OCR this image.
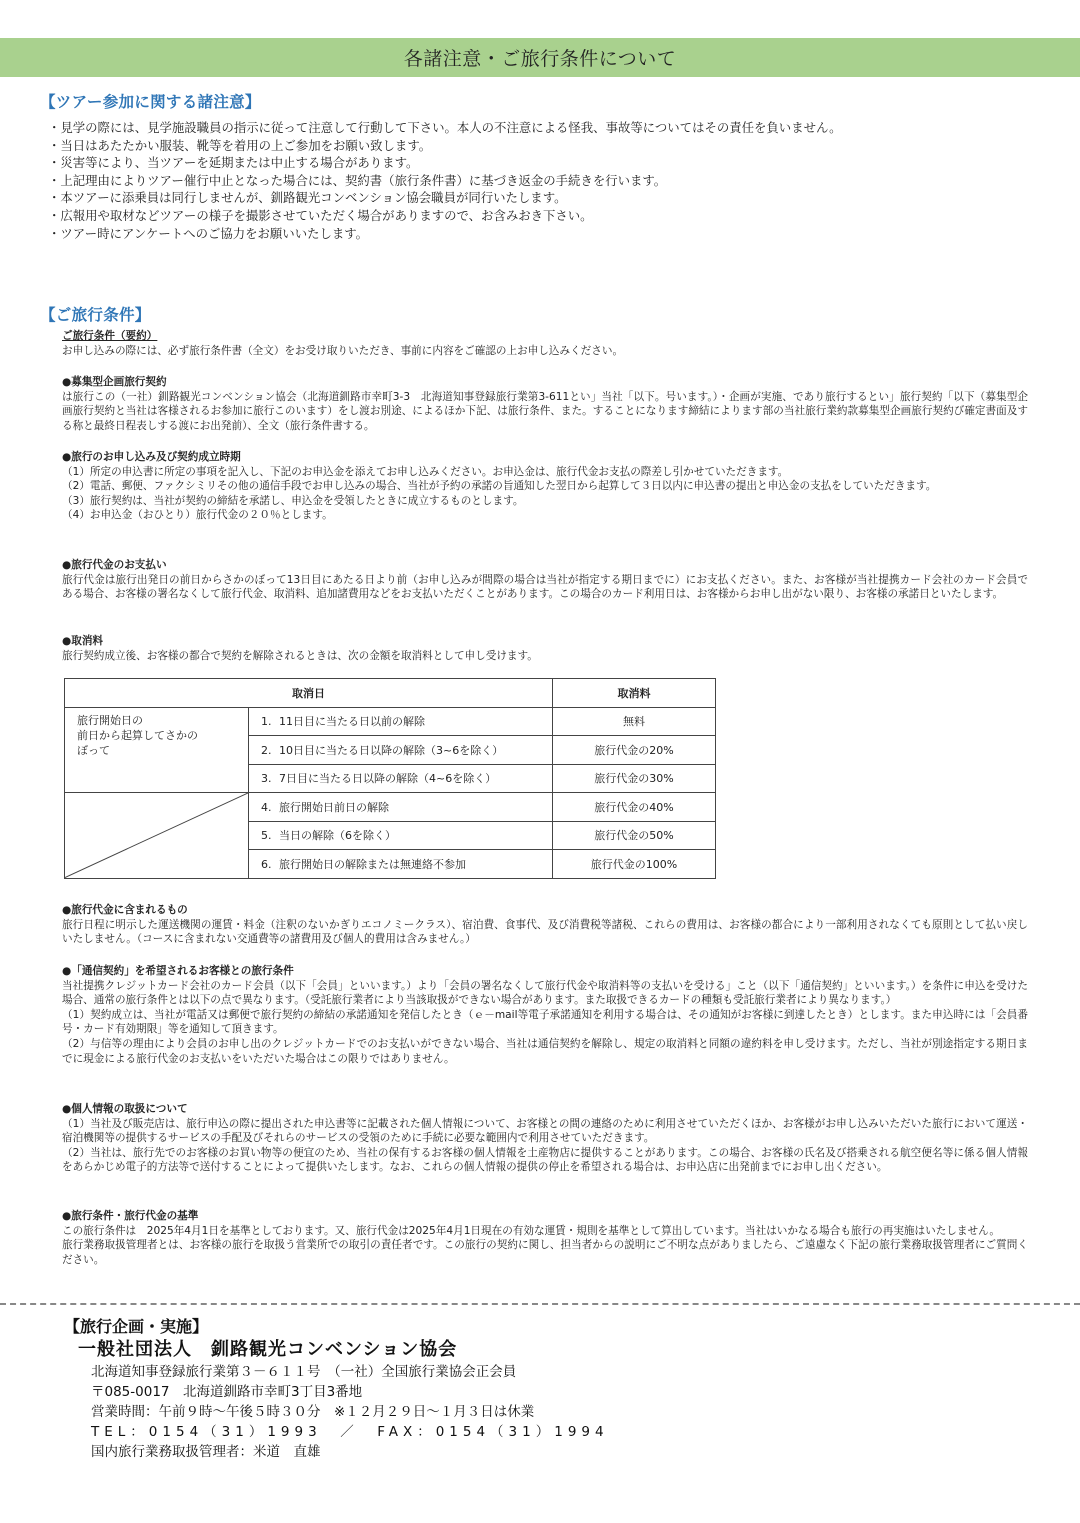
各諸注意・ご旅行条件について
【ツアー参加に関する諸注意】
・見学の際には、見学施設職員の指示に従って注意して行動して下さい。本人の不注意による怪我、事故等についてはその責任を負いません。
・当日はあたたかい服装、靴等を着用の上ご参加をお願い致します。
・災害等により、当ツアーを延期または中止する場合があります。
・上記理由によりツアー催行中止となった場合には、契約書（旅行条件書）に基づき返金の手続きを行います。
・本ツアーに添乗員は同行しませんが、釧路観光コンベンション協会職員が同行いたします。
・広報用や取材などツアーの様子を撮影させていただく場合がありますので、お含みおき下さい。
・ツアー時にアンケートへのご協力をお願いいたします。
【ご旅行条件】
ご旅行条件（要約）

お申し込みの際には、必ず旅行条件書（全文）をお受け取りいただき、事前に内容をご確認の上お申し込みください。

●募集型企画旅行契約

は旅行この（一社）釧路観光コンベンション協会（北海道釧路市幸町3-3　北海道知事登録旅行業第3-611とい」当社「以下。号います。）・企画が実施、であり旅行するとい」旅行契約「以下（募集型企画旅行契約と当社は客様されるお参加に旅行このいます）をし渡お別途、によるほか下記、は旅行条件、また。することになります締結によります部の当社旅行業約款募集型企画旅行契約び確定書面及する称と最終日程表しする渡にお出発前）、全文（旅行条件書する。

●旅行のお申し込み及び契約成立時期

（1）所定の申込書に所定の事項を記入し、下記のお申込金を添えてお申し込みください。お申込金は、旅行代金お支払の際差し引かせていただきます。

（2）電話、郵便、ファクシミリその他の通信手段でお申し込みの場合、当社が予約の承諾の旨通知した翌日から起算して３日以内に申込書の提出と申込金の支払をしていただきます。

（3）旅行契約は、当社が契約の締結を承諾し、申込金を受領したときに成立するものとします。

（4）お申込金（おひとり）旅行代金の２０％とします。

●旅行代金のお支払い

旅行代金は旅行出発日の前日からさかのぼって13日目にあたる日より前（お申し込みが間際の場合は当社が指定する期日までに）にお支払ください。また、お客様が当社提携カード会社のカード会員である場合、お客様の署名なくして旅行代金、取消料、追加諸費用などをお支払いただくことがあります。この場合のカード利用日は、お客様からお申し出がない限り、お客様の承諾日といたします。

●取消料

旅行契約成立後、お客様の都合で契約を解除されるときは、次の金額を取消料として申し受けます。

取消日		取消料

旅行開始日の
前日から起算してさかの
ぼって	1. 11日目に当たる日以前の解除	無料
	2. 10日目に当たる日以降の解除（3~6を除く）	旅行代金の20%
	3. 7日目に当たる日以降の解除（4~6を除く）	旅行代金の30%

	4. 旅行開始日前日の解除	旅行代金の40%
	5. 当日の解除（6を除く）	旅行代金の50%
	6. 旅行開始日の解除または無連絡不参加	旅行代金の100%
●旅行代金に含まれるもの

旅行日程に明示した運送機関の運賃・料金（注釈のないかぎりエコノミークラス）、宿泊費、食事代、及び消費税等諸税、これらの費用は、お客様の都合により一部利用されなくても原則として払い戻しいたしません。（コースに含まれない交通費等の諸費用及び個人的費用は含みません。）

●「通信契約」を希望されるお客様との旅行条件

当社提携クレジットカード会社のカード会員（以下「会員」といいます。）より「会員の署名なくして旅行代金や取消料等の支払いを受ける」こと（以下「通信契約」といいます。）を条件に申込を受けた場合、通常の旅行条件とは以下の点で異なります。（受託旅行業者により当該取扱ができない場合があります。また取扱できるカードの種類も受託旅行業者により異なります。）

（1）契約成立は、当社が電話又は郵便で旅行契約の締結の承諾通知を発信したとき（ｅ－mail等電子承諾通知を利用する場合は、その通知がお客様に到達したとき）とします。また申込時には「会員番号・カード有効期限」等を通知して頂きます。

（2）与信等の理由により会員のお申し出のクレジットカードでのお支払いができない場合、当社は通信契約を解除し、規定の取消料と同額の違約料を申し受けます。ただし、当社が別途指定する期日までに現金による旅行代金のお支払いをいただいた場合はこの限りではありません。

●個人情報の取扱について

（1）当社及び販売店は、旅行申込の際に提出された申込書等に記載された個人情報について、お客様との間の連絡のために利用させていただくほか、お客様がお申し込みいただいた旅行において運送・宿泊機関等の提供するサービスの手配及びそれらのサービスの受領のために手続に必要な範囲内で利用させていただきます。

（2）当社は、旅行先でのお客様のお買い物等の便宜のため、当社の保有するお客様の個人情報を土産物店に提供することがあります。この場合、お客様の氏名及び搭乗される航空便名等に係る個人情報をあらかじめ電子的方法等で送付することによって提供いたします。なお、これらの個人情報の提供の停止を希望される場合は、お申込店に出発前までにお申し出ください。

●旅行条件・旅行代金の基準

この旅行条件は　2025年4月1日を基準としております。又、旅行代金は2025年4月1日現在の有効な運賃・規則を基準として算出しています。当社はいかなる場合も旅行の再実施はいたしません。

旅行業務取扱管理者とは、お客様の旅行を取扱う営業所での取引の責任者です。この旅行の契約に関し、担当者からの説明にご不明な点がありましたら、ご遠慮なく下記の旅行業務取扱管理者にご質問ください。

【旅行企画・実施】
一般社団法人　釧路観光コンベンション協会
北海道知事登録旅行業第３－６１１号　（一社）全国旅行業協会正会員
〒085-0017　北海道釧路市幸町3丁目3番地
営業時間：午前９時～午後５時３０分　※１２月２９日～１月３日は休業
TEL：0154（31）1993　／　FAX：0154（31）1994
国内旅行業務取扱管理者：米道　直雄
